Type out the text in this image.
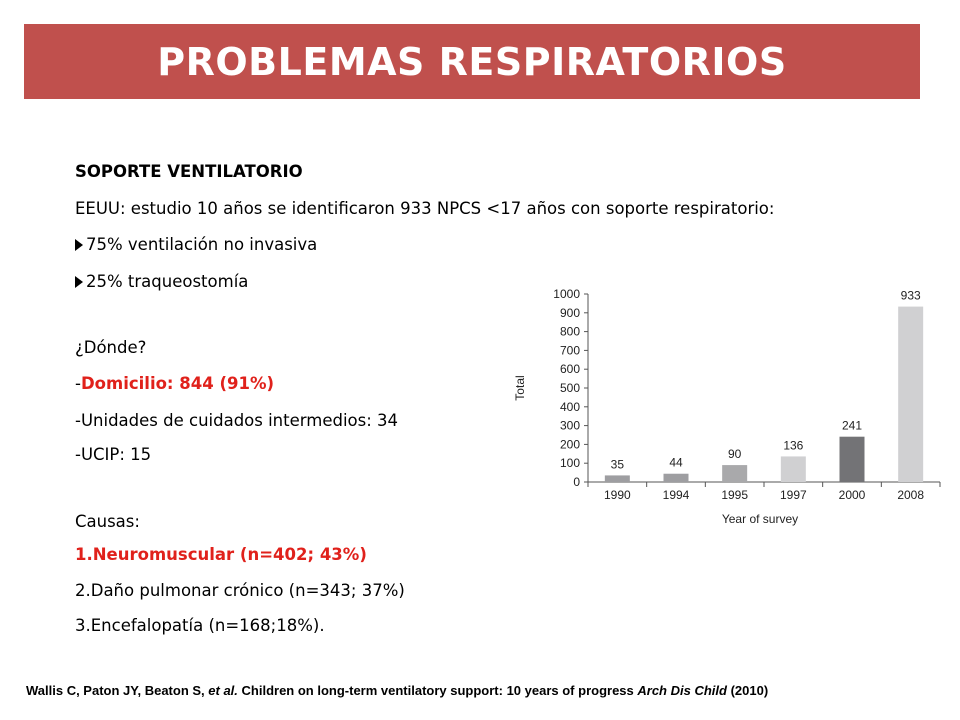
PROBLEMAS RESPIRATORIOS
SOPORTE VENTILATORIO
EEUU: estudio 10 años se identificaron 933 NPCS <17 años con soporte respiratorio:
75% ventilación no invasiva
25% traqueostomía
¿Dónde?
-Domicilio: 844 (91%)
-Unidades de cuidados intermedios: 34
-UCIP: 15
Causas:
1.Neuromuscular (n=402; 43%)
2.Daño pulmonar crónico (n=343; 37%)
3.Encefalopatía (n=168;18%).
0
100
200
300
400
500
600
700
800
900
1000
Total
35
1990
44
1994
90
1995
136
1997
241
2000
933
2008
Year of survey
Wallis C, Paton JY, Beaton S, et al. Children on long-term ventilatory support: 10 years of progress Arch Dis Child (2010)
